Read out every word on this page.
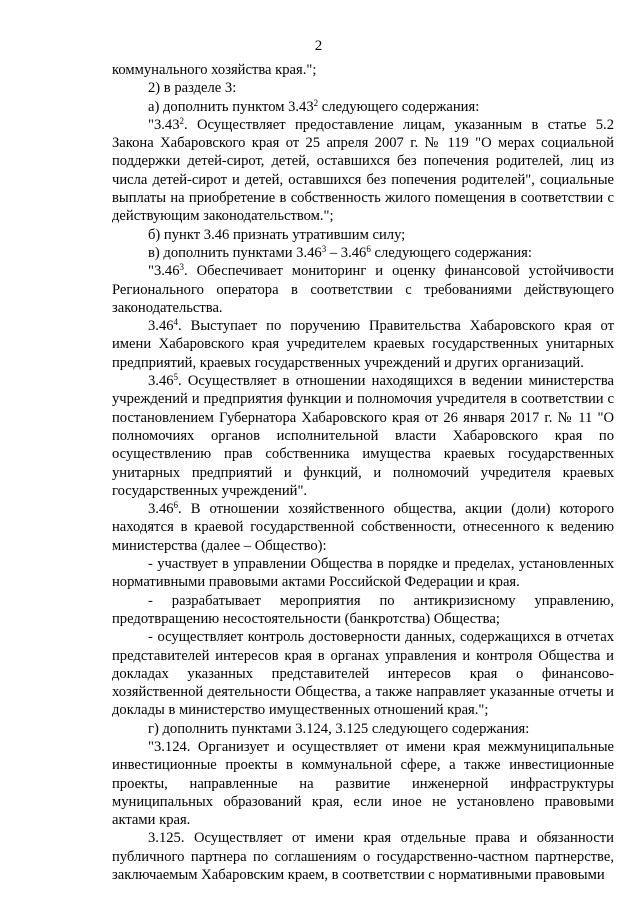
2

коммунального хозяйства края.";

2) в разделе 3:

а) дополнить пунктом 3.43$^2$ следующего содержания:

"3.43$^2$. Осуществляет предоставление лицам, указанным в статье 5.2 Закона Хабаровского края от 25 апреля 2007 г. № 119 "О мерах социальной поддержки детей-сирот, детей, оставшихся без попечения родителей, лиц из числа детей-сирот и детей, оставшихся без попечения родителей", социальные выплаты на приобретение в собственность жилого помещения в соответствии с действующим законодательством.";

б) пункт 3.46 признать утратившим силу;

в) дополнить пунктами 3.46$^3$ – 3.46$^6$ следующего содержания:

"3.46$^3$. Обеспечивает мониторинг и оценку финансовой устойчивости Регионального оператора в соответствии с требованиями действующего законодательства.

3.46$^4$. Выступает по поручению Правительства Хабаровского края от имени Хабаровского края учредителем краевых государственных унитарных предприятий, краевых государственных учреждений и других организаций.

3.46$^5$. Осуществляет в отношении находящихся в ведении министерства учреждений и предприятия функции и полномочия учредителя в соответствии с постановлением Губернатора Хабаровского края от 26 января 2017 г. № 11 "О полномочиях органов исполнительной власти Хабаровского края по осуществлению прав собственника имущества краевых государственных унитарных предприятий и функций, и полномочий учредителя краевых государственных учреждений".

3.46$^6$. В отношении хозяйственного общества, акции (доли) которого находятся в краевой государственной собственности, отнесенного к ведению министерства (далее – Общество):

- участвует в управлении Общества в порядке и пределах, установленных нормативными правовыми актами Российской Федерации и края.

- разрабатывает мероприятия по антикризисному управлению, предотвращению несостоятельности (банкротства) Общества;

- осуществляет контроль достоверности данных, содержащихся в отчетах представителей интересов края в органах управления и контроля Общества и докладах указанных представителей интересов края о финансово-хозяйственной деятельности Общества, а также направляет указанные отчеты и доклады в министерство имущественных отношений края.";

г) дополнить пунктами 3.124, 3.125 следующего содержания:

"3.124. Организует и осуществляет от имени края межмуниципальные инвестиционные проекты в коммунальной сфере, а также инвестиционные проекты, направленные на развитие инженерной инфраструктуры муниципальных образований края, если иное не установлено правовыми актами края.

3.125. Осуществляет от имени края отдельные права и обязанности публичного партнера по соглашениям о государственно-частном партнерстве, заключаемым Хабаровским краем, в соответствии с нормативными правовыми
